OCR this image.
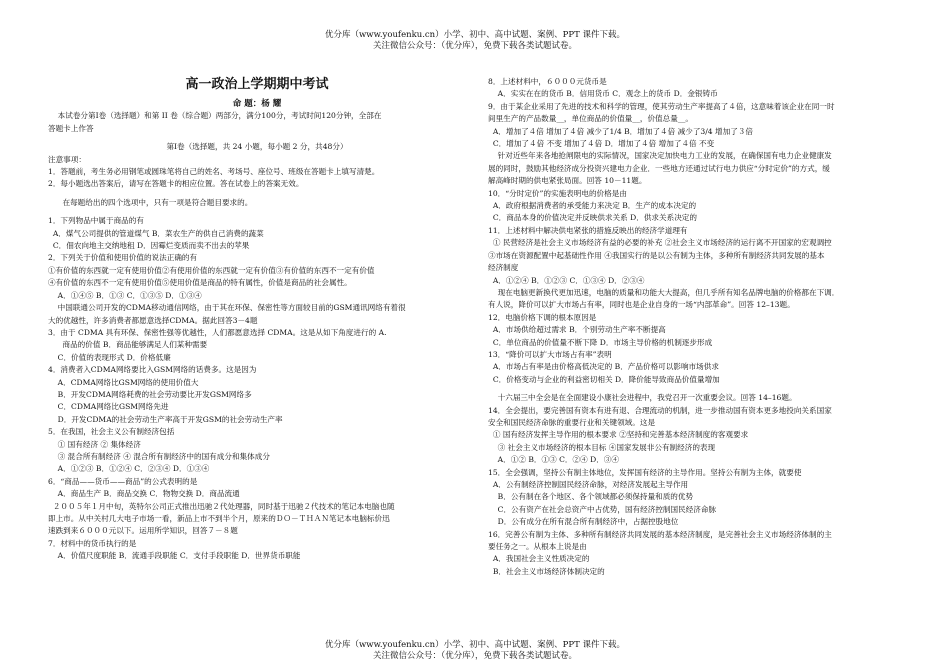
优分库（www.youfenku.cn）小学、初中、高中试题、案例、PPT 课件下载。
关注微信公众号：（优分库），免费下载各类试题试卷。

高一政治上学期期中考试

命 题：杨 耀

本试卷分第Ⅰ卷（选择题）和第 II 卷（综合题）两部分，满分100分，考试时间120分钟，全部在

答题卡上作答

第Ⅰ卷（选择题，共 24 小题，每小题 2 分，共48分）

注意事项：

1．答题前，考生务必用钢笔或圆珠笔将自己的姓名、考场号、座位号、班级在答题卡上填写清楚。

2．每小题选出答案后，请写在答题卡的相应位置。答在试卷上的答案无效。

在每题给出的四个选项中，只有一项是符合题目要求的。

1．下列物品中属于商品的有

A．煤气公司提供的管道煤气 B．菜农生产的供自己消费的蔬菜

C．佃农向地主交纳地租 D．因霉烂变质而卖不出去的苹果

2．下列关于价值和使用价值的说法正确的有

①有价值的东西就一定有使用价值②有使用价值的东西就一定有价值③有价值的东西不一定有价值

④有价值的东西不一定有使用价值⑤使用价值是商品的特有属性，价值是商品的社会属性。

A．①④⑤ B．①③ C．①③⑤ D．①③④

中国联通公司开发的CDMA移动通信网络，由于其在环保、保密性等方面较目前的GSM通讯网络有着很

大的优越性，许多消费者都愿意选择CDMA。据此回答3－4题

3．由于 CDMA 具有环保、保密性强等优越性，人们都愿意选择 CDMA。这是从如下角度进行的 A.

商品的价值 B．商品能够满足人们某种需要

C．价值的表现形式 D．价格低廉

4．消费者入CDMA网络要比入GSM网络的话费多。这是因为

A．CDMA网络比GSM网络的使用价值大

B．开发CDMA网络耗费的社会劳动要比开发GSM网络多

C．CDMA网络比GSM网络先进

D．开发CDMA的社会劳动生产率高于开发GSM的社会劳动生产率

5．在我国，社会主义公有制经济包括

① 国有经济 ② 集体经济

③ 混合所有制经济 ④ 混合所有制经济中的国有成分和集体成分

A．①②③ B．①②④ C．②③④ D．①③④

6．“商品——货币——商品”的公式表明的是

A．商品生产 B．商品交换 C．物物交换 D．商品流通

２００５年１月中旬，英特尔公司正式推出迅驰２代处理器，同时基于迅驰２代技术的笔记本电脑也随

即上市。从中关村几大电子市场一看，新品上市不到半个月，原来的ＤＯ－ＴＨＡＮ笔记本电脑标价迅

速跌到来６０００元以下。运用所学知识，回答７－８题

7．材料中的货币执行的是

A．价值尺度职能 B．流通手段职能 C．支付手段职能 D．世界货币职能

8．上述材料中，６０００元货币是

A．实实在在的货币 B．信用货币 C．观念上的货币 D．金银铸币

9．由于某企业采用了先进的技术和科学的管理，使其劳动生产率提高了４倍，这意味着该企业在同一时

间里生产的产品数量__，单位商品的价值量__，价值总量__。

A．增加了４倍 增加了４倍 减少了1/4 B．增加了４倍 减少了3/4 增加了３倍

C．增加了４倍 不变 增加了４倍 D．增加了４倍 增加了４倍 不变

针对近些年来各地抢闸限电的实际情况，国家决定加快电力工业的发展，在确保国有电力企业健康发

展的同时，鼓励其他经济成分投资兴建电力企业．一些地方还通过试行电力供应“分时定价”的方式，缓

解高峰时期的供电紧张局面。回答 10－11题。

10．“分时定价”的实施表明电的价格是由

A．政府根据消费者的承受能力来决定 B．生产的成本决定的

C．商品本身的价值决定并反映供求关系 D．供求关系决定的

11．上述材料中解决供电紧张的措施反映出的经济学道理有

① 民营经济是社会主义市场经济有益的必要的补充 ②社会主义市场经济的运行离不开国家的宏观调控

③市场在资源配置中起基础性作用 ④我国实行的是以公有制为主体，多种所有制经济共同发展的基本

经济制度

A．①②④ B．①②③ C．①③④ D．②③④

现在电脑更新换代更加迅速，电脑的质量和功能大大提高，但几乎所有知名品牌电脑的价格都在下调．

有人说，降价可以扩大市场占有率，同时也是企业自身的一场“内部革命”。回答 12–13题。

12．电脑价格下调的根本原因是

A．市场供给超过需求 B．个别劳动生产率不断提高

C．单位商品的价值量不断下降 D．市场主导价格的机制逐步形成

13．“降价可以扩大市场占有率”表明

A．市场占有率是由价格高低决定的 B．产品价格可以影响市场供求

C．价格变动与企业的利益密切相关 D．降价能导致商品价值量增加

十六届三中全会是在全面建设小康社会进程中，我党召开一次重要会议。回答 14–16题。

14．全会提出，要完善国有资本有进有退、合理流动的机制，进一步推动国有资本更多地投向关系国家

安全和国民经济命脉的重要行业和关键领域。这是

① 国有经济发挥主导作用的根本要求 ②坚持和完善基本经济制度的客观要求

③ 社会主义市场经济的根本目标 ④国家发展非公有制经济的表现

A．①② B．①③ C．②④ D．③④

15．全会强调，坚持公有制主体地位，发挥国有经济的主导作用。坚持公有制为主体，就要使

A．公有制经济控制国民经济命脉，对经济发展起主导作用

B．公有制在各个地区、各个领域都必须保持量和质的优势

C．公有资产在社会总资产中占优势，国有经济控制国民经济命脉

D．公有成分在所有混合所有制经济中，占据控股地位

16．完善公有制为主体、多种所有制经济共同发展的基本经济制度，是完善社会主义市场经济体制的主

要任务之一。从根本上说是由

A．我国社会主义性质决定的

B．社会主义市场经济体制决定的

优分库（www.youfenku.cn）小学、初中、高中试题、案例、PPT 课件下载。
关注微信公众号：（优分库），免费下载各类试题试卷。
